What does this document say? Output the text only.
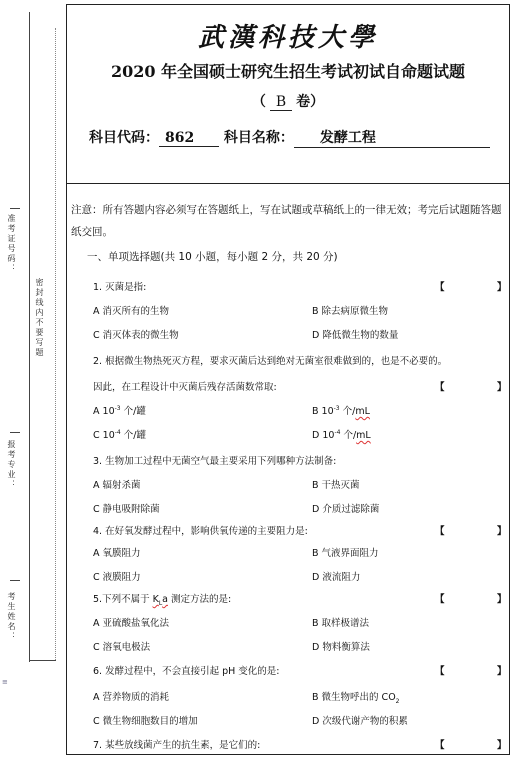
准考证号码：
密封线内不要写题
报考专业：
考生姓名：
≡
武漢科技大學
2020 年全国硕士研究生招生考试初试自命题试题
（ B 卷）
科目代码： 862 科目名称： 发酵工程
注意：所有答题内容必须写在答题纸上，写在试题或草稿纸上的一律无效；考完后试题随答题纸交回。
一、单项选择题(共 10 小题，每小题 2 分，共 20 分)
1. 灭菌是指:	【	】
A 消灭所有的生物	B 除去病原微生物
C 消灭体表的微生物	D 降低微生物的数量
2. 根据微生物热死灭方程，要求灭菌后达到绝对无菌室很难做到的，也是不必要的。
因此，在工程设计中灭菌后残存活菌数常取:	【	】
A $10^{-3}$ 个/罐	B $10^{-3}$ 个/mL
C $10^{-4}$ 个/罐	D $10^{-4}$ 个/mL
3. 生物加工过程中无菌空气最主要采用下列哪种方法制备:
A 辐射杀菌	B 干热灭菌
C 静电吸附除菌	D 介质过滤除菌
4. 在好氧发酵过程中，影响供氧传递的主要阻力是:	【	】
A 氧膜阻力	B 气液界面阻力
C 液膜阻力	D 液流阻力
5.下列不属于 $K_La$ 测定方法的是:	【	】
A 亚硫酸盐氧化法	B 取样极谱法
C 溶氧电极法	D 物料衡算法
6. 发酵过程中，不会直接引起 pH 变化的是:	【	】
A 营养物质的消耗	B 微生物呼出的 $CO_2$
C 微生物细胞数目的增加	D 次级代谢产物的积累
7. 某些放线菌产生的抗生素，是它们的:	【	】
